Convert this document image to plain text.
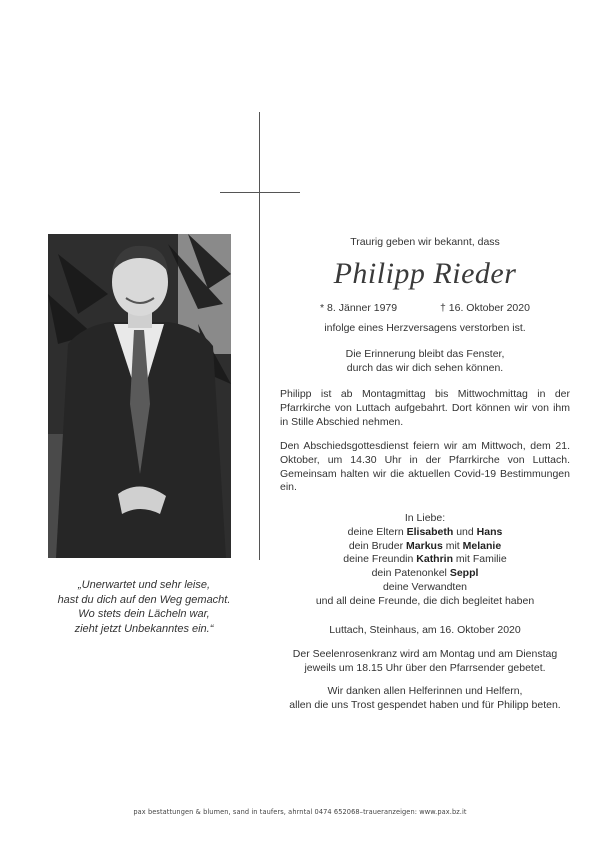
„Unerwartet und sehr leise,
hast du dich auf den Weg gemacht.
Wo stets dein Lächeln war,
zieht jetzt Unbekanntes ein.“
Traurig geben wir bekannt, dass
Philipp Rieder
* 8. Jänner 1979	† 16. Oktober 2020
infolge eines Herzversagens verstorben ist.
Die Erinnerung bleibt das Fenster,
durch das wir dich sehen können.
Philipp ist ab Montagmittag bis Mittwochmittag in der Pfarrkirche von Luttach aufgebahrt. Dort können wir von ihm in Stille Abschied nehmen.
Den Abschiedsgottesdienst feiern wir am Mittwoch, dem 21. Oktober, um 14.30 Uhr in der Pfarrkirche von Luttach. Gemeinsam halten wir die aktuellen Covid-19 Bestimmungen ein.
In Liebe:
deine Eltern Elisabeth und Hans
dein Bruder Markus mit Melanie
deine Freundin Kathrin mit Familie
dein Patenonkel Seppl
deine Verwandten
und all deine Freunde, die dich begleitet haben
Luttach, Steinhaus, am 16. Oktober 2020
Der Seelenrosenkranz wird am Montag und am Dienstag
jeweils um 18.15 Uhr über den Pfarrsender gebetet.
Wir danken allen Helferinnen und Helfern,
allen die uns Trost gespendet haben und für Philipp beten.
pax bestattungen & blumen, sand in taufers, ahrntal 0474 652068–traueranzeigen: www.pax.bz.it
